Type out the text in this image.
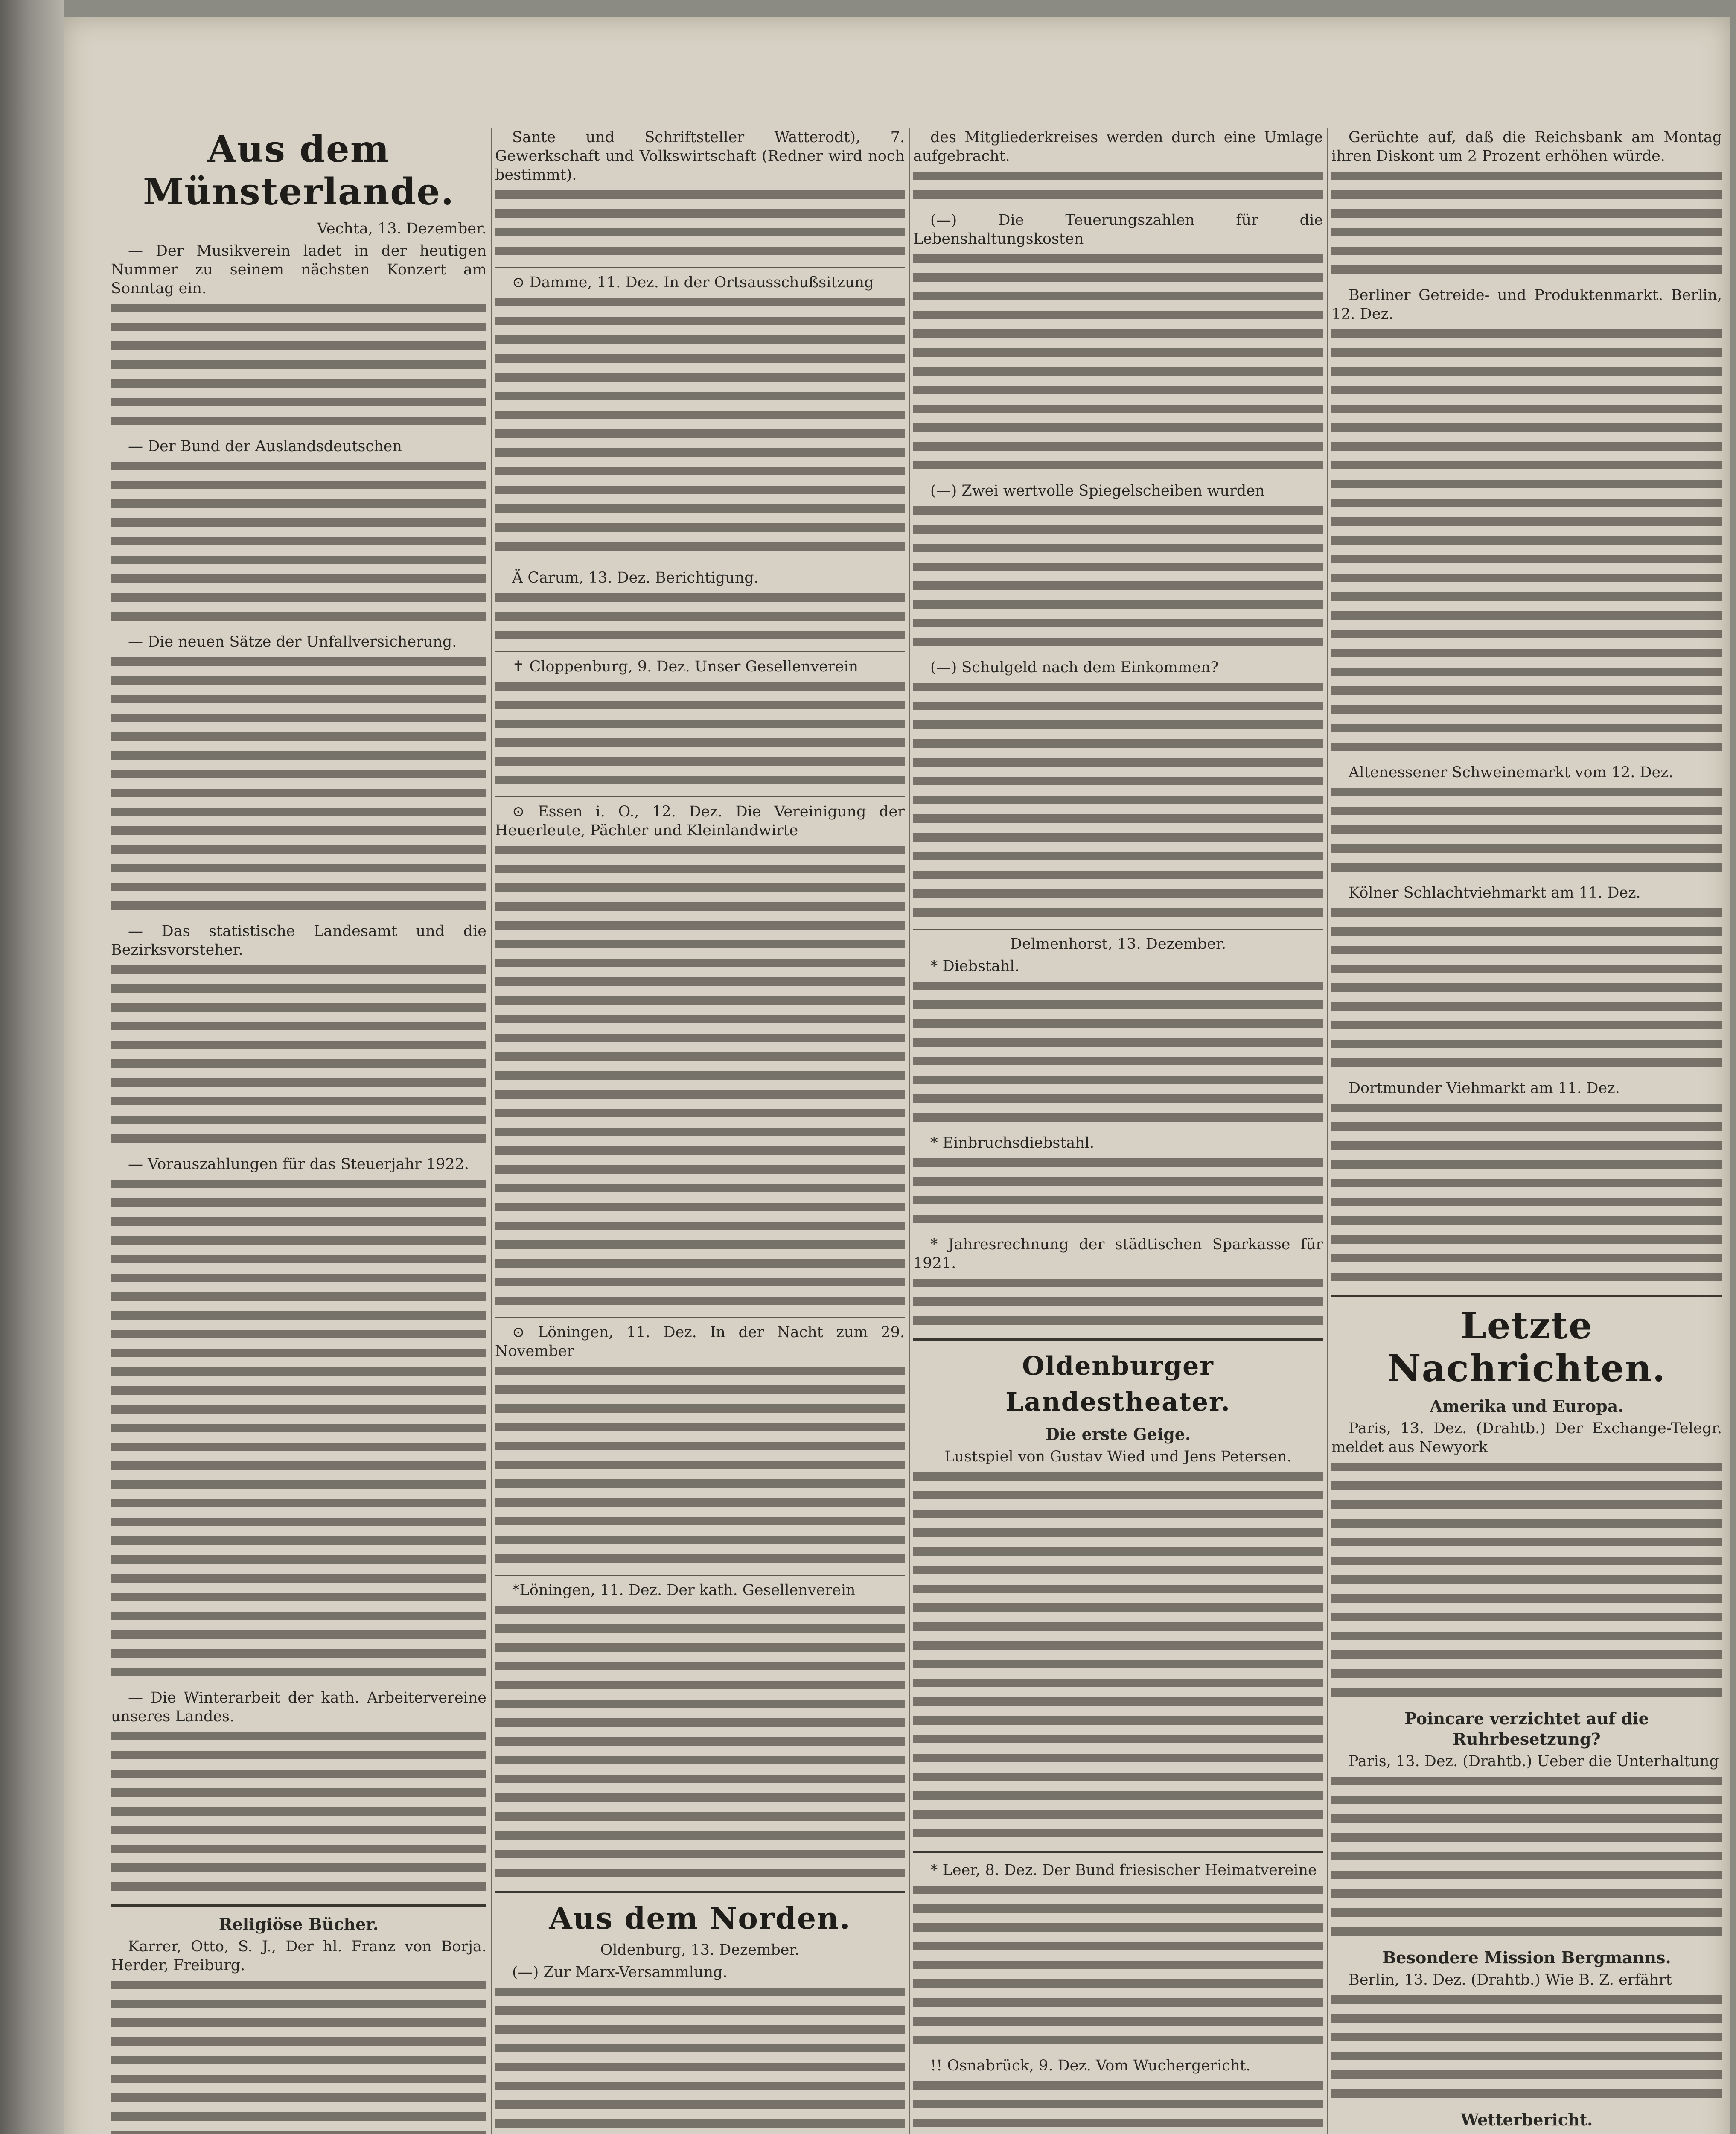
Aus dem Münsterlande.
Vechta, 13. Dezember.
— Der Musikverein ladet in der heutigen Nummer zu seinem nächsten Konzert am Sonntag ein.
— Der Bund der Auslandsdeutschen
— Die neuen Sätze der Unfallversicherung.
— Das statistische Landesamt und die Bezirksvorsteher.
— Vorauszahlungen für das Steuerjahr 1922.
— Die Winterarbeit der kath. Arbeitervereine unseres Landes.
Religiöse Bücher.
Karrer, Otto, S. J., Der hl. Franz von Borja. Herder, Freiburg.
Sante und Schriftsteller Watterodt), 7. Gewerkschaft und Volkswirtschaft (Redner wird noch bestimmt).
⊙ Damme, 11. Dez. In der Ortsausschußsitzung
Ä Carum, 13. Dez. Berichtigung.
✝ Cloppenburg, 9. Dez. Unser Gesellenverein
⊙ Essen i. O., 12. Dez. Die Vereinigung der Heuerleute, Pächter und Kleinlandwirte
⊙ Löningen, 11. Dez. In der Nacht zum 29. November
*Löningen, 11. Dez. Der kath. Gesellenverein
Aus dem Norden.
Oldenburg, 13. Dezember.
(—) Zur Marx-Versammlung.
des Mitgliederkreises werden durch eine Umlage aufgebracht.
(—) Die Teuerungszahlen für die Lebenshaltungskosten
(—) Zwei wertvolle Spiegelscheiben wurden
(—) Schulgeld nach dem Einkommen?
Delmenhorst, 13. Dezember.
* Diebstahl.
* Einbruchsdiebstahl.
* Jahresrechnung der städtischen Sparkasse für 1921.
Oldenburger Landestheater.
Die erste Geige.
Lustspiel von Gustav Wied und Jens Petersen.
* Leer, 8. Dez. Der Bund friesischer Heimatvereine
!! Osnabrück, 9. Dez. Vom Wuchergericht.
Gerüchte auf, daß die Reichsbank am Montag ihren Diskont um 2 Prozent erhöhen würde.
Berliner Getreide- und Produktenmarkt. Berlin, 12. Dez.
Altenessener Schweinemarkt vom 12. Dez.
Kölner Schlachtviehmarkt am 11. Dez.
Dortmunder Viehmarkt am 11. Dez.
Letzte Nachrichten.
Amerika und Europa.
Paris, 13. Dez. (Drahtb.) Der Exchange-Telegr. meldet aus Newyork
Poincare verzichtet auf die Ruhrbesetzung?
Paris, 13. Dez. (Drahtb.) Ueber die Unterhaltung
Besondere Mission Bergmanns.
Berlin, 13. Dez. (Drahtb.) Wie B. Z. erfährt
Wetterbericht.
